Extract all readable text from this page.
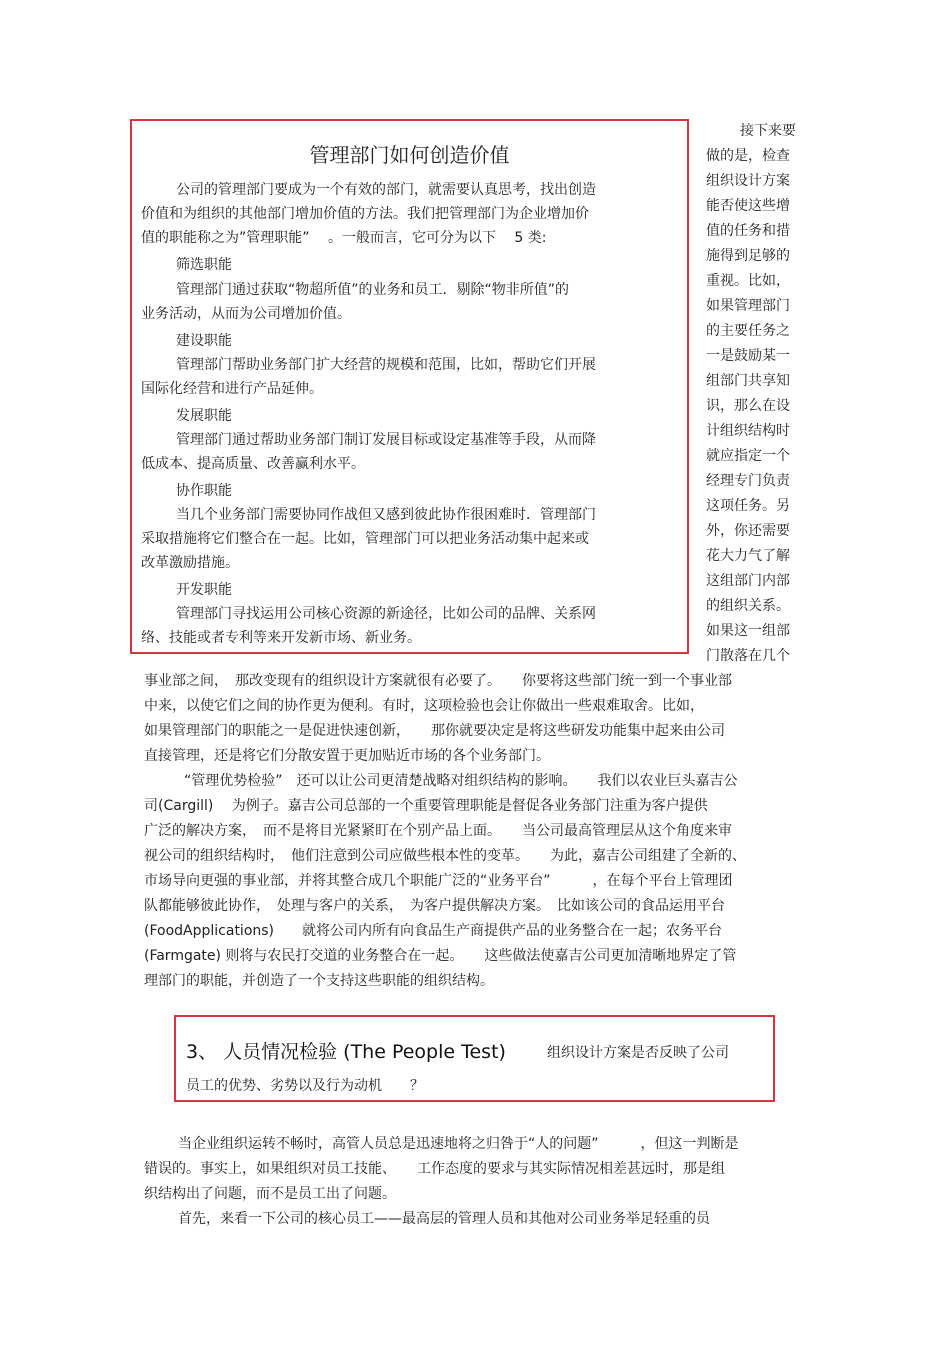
管理部门如何创造价值
公司的管理部门要成为一个有效的部门，就需要认真思考，找出创造
价值和为组织的其他部门增加价值的方法。我们把管理部门为企业增加价
值的职能称之为”管理职能”　 。一般而言，它可分为以下　 5 类:
筛选职能
管理部门通过获取“物超所值”的业务和员工．剔除“物非所值”的
业务活动，从而为公司增加价值。
建设职能
管理部门帮助业务部门扩大经营的规模和范围，比如，帮助它们开展
国际化经营和进行产品延伸。
发展职能
管理部门通过帮助业务部门制订发展目标或设定基准等手段，从而降
低成本、提高质量、改善赢利水平。
协作职能
当几个业务部门需要协同作战但又感到彼此协作很困难时．管理部门
采取措施将它们整合在一起。比如，管理部门可以把业务活动集中起来或
改革激励措施。
开发职能
管理部门寻找运用公司核心资源的新途径，比如公司的品牌、关系网
络、技能或者专利等来开发新市场、新业务。
接下来要
做的是，检查
组织设计方案
能否使这些增
值的任务和措
施得到足够的
重视。比如，
如果管理部门
的主要任务之
一是鼓励某一
组部门共享知
识，那么在设
计组织结构时
就应指定一个
经理专门负责
这项任务。另
外，你还需要
花大力气了解
这组部门内部
的组织关系。
如果这一组部
门散落在几个
事业部之间，　那改变现有的组织设计方案就很有必要了。　　你要将这些部门统一到一个事业部
中来，以使它们之间的协作更为便利。有时，这项检验也会让你做出一些艰难取舍。比如，
如果管理部门的职能之一是促进快速创新，　　那你就要决定是将这些研发功能集中起来由公司
直接管理，还是将它们分散安置于更加贴近市场的各个业务部门。
“管理优势检验”　还可以让公司更清楚战略对组织结构的影响。　　我们以农业巨头嘉吉公
司(Cargill)　 为例子。嘉吉公司总部的一个重要管理职能是督促各业务部门注重为客户提供
广泛的解决方案，　而不是将目光紧紧盯在个别产品上面。　　当公司最高管理层从这个角度来审
视公司的组织结构时，　他们注意到公司应做些根本性的变革。　　为此，嘉吉公司组建了全新的、
市场导向更强的事业部，并将其整合成几个职能广泛的“业务平台”　　　，在每个平台上管理团
队都能够彼此协作，　处理与客户的关系，　为客户提供解决方案。　比如该公司的食品运用平台
(FoodApplications)　　就将公司内所有向食品生产商提供产品的业务整合在一起；农务平台
(Farmgate) 则将与农民打交道的业务整合在一起。　　这些做法使嘉吉公司更加清晰地界定了管
理部门的职能，并创造了一个支持这些职能的组织结构。
3、 人员情况检验 (The People Test)	组织设计方案是否反映了公司
员工的优势、劣势以及行为动机　　？
当企业组织运转不畅时，高管人员总是迅速地将之归咎于“人的问题”　　　，但这一判断是
错误的。事实上，如果组织对员工技能、　　工作态度的要求与其实际情况相差甚远时，那是组
织结构出了问题，而不是员工出了问题。
首先，来看一下公司的核心员工——最高层的管理人员和其他对公司业务举足轻重的员
